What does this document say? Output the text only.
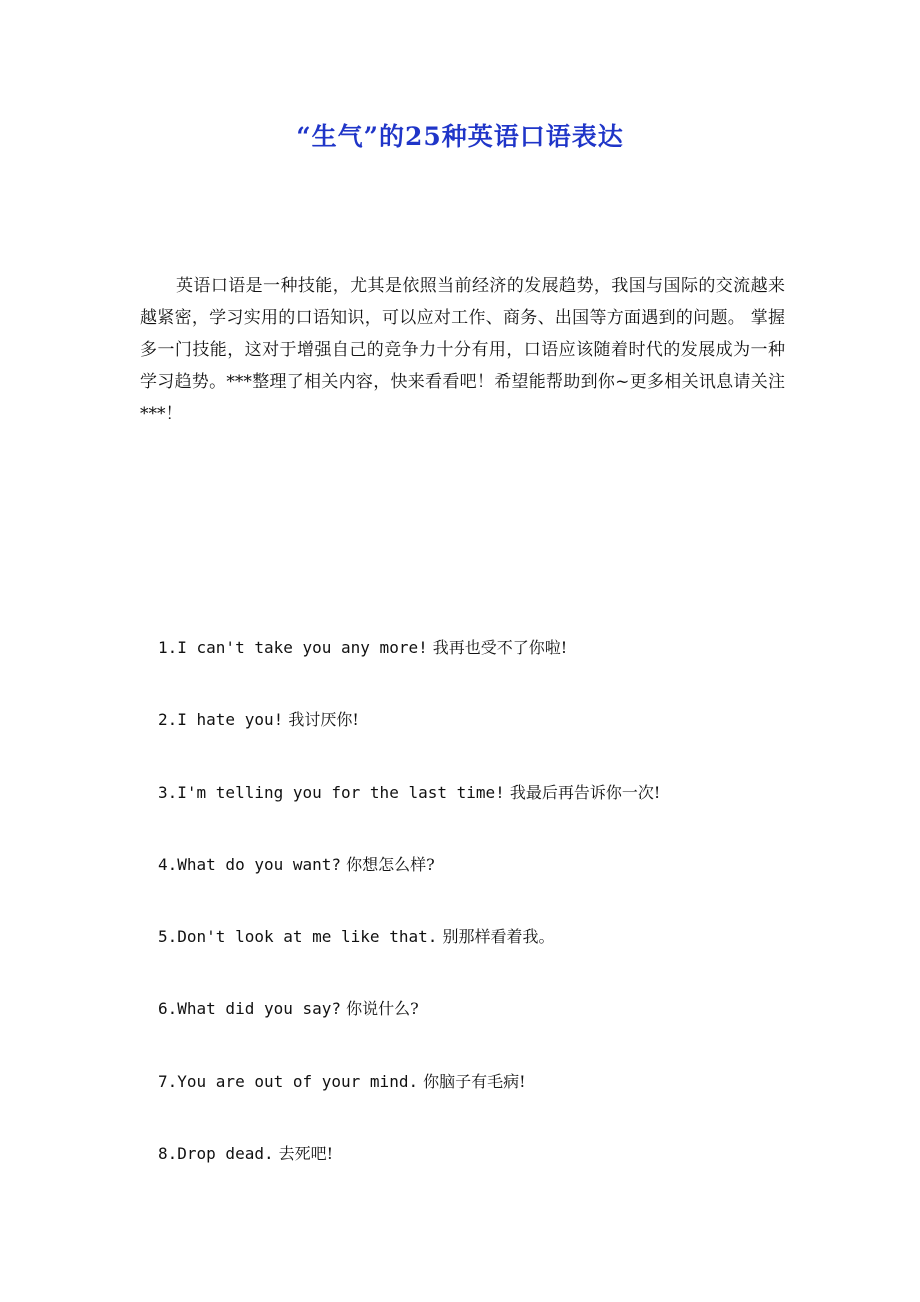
“生气”的25种英语口语表达

英语口语是一种技能，尤其是依照当前经济的发展趋势，我国与国际的交流越来越紧密，学习实用的口语知识，可以应对工作、商务、出国等方面遇到的问题。 掌握多一门技能，这对于增强自己的竞争力十分有用，口语应该随着时代的发展成为一种学习趋势。***整理了相关内容，快来看看吧！希望能帮助到你~更多相关讯息请关注***！

1.I can't take you any more! 我再也受不了你啦!
2.I hate you! 我讨厌你!
3.I'm telling you for the last time! 我最后再告诉你一次!
4.What do you want? 你想怎么样?
5.Don't look at me like that. 别那样看着我。
6.What did you say? 你说什么?
7.You are out of your mind. 你脑子有毛病!
8.Drop dead. 去死吧!
